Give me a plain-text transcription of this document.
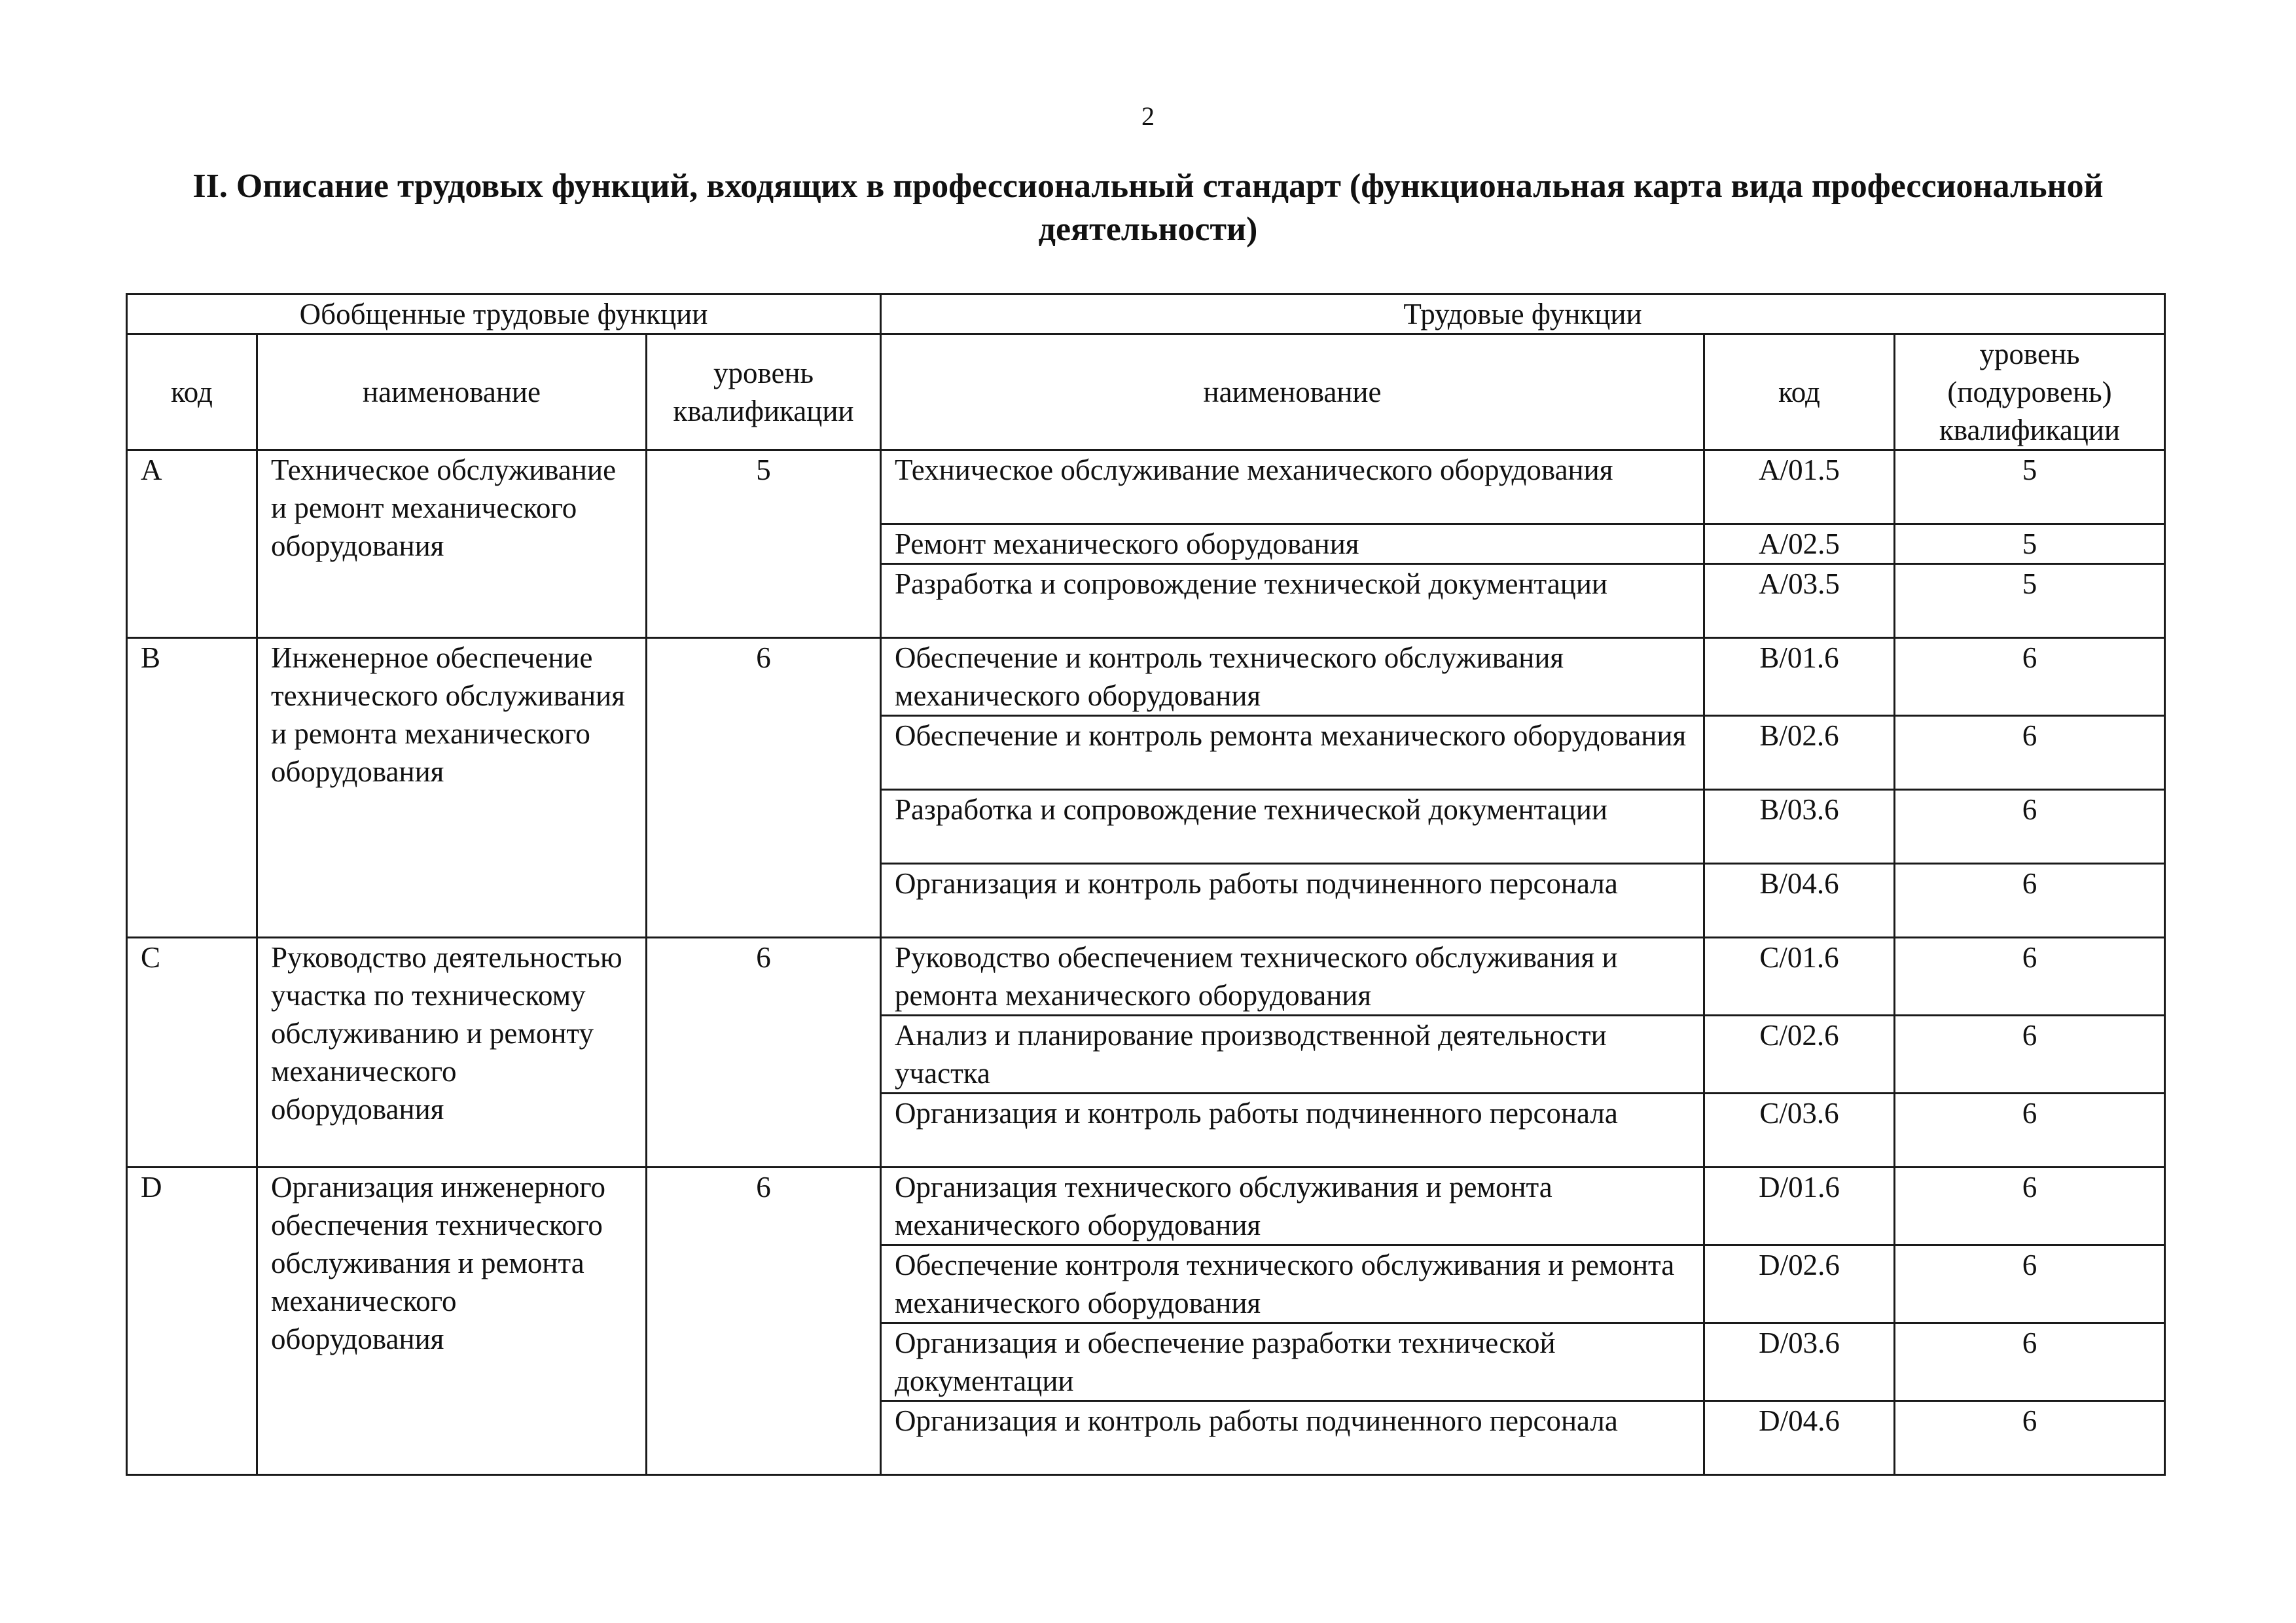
2
II. Описание трудовых функций, входящих в профессиональный стандарт (функциональная карта вида профессиональной деятельности)
Обобщенные трудовые функции			Трудовые функции		
код	наименование	уровень квалификации	наименование	код	уровень (подуровень) квалификации
A	Техническое обслуживание и ремонт механического оборудования	5	Техническое обслуживание механического оборудования	A/01.5	5
			Ремонт механического оборудования	A/02.5	5
			Разработка и сопровождение технической документации	A/03.5	5
B	Инженерное обеспечение технического обслуживания и ремонта механического оборудования	6	Обеспечение и контроль технического обслуживания механического оборудования	B/01.6	6
			Обеспечение и контроль ремонта механического оборудования	B/02.6	6
			Разработка и сопровождение технической документации	B/03.6	6
			Организация и контроль работы подчиненного персонала	B/04.6	6
C	Руководство деятельностью участка по техническому обслуживанию и ремонту механического оборудования	6	Руководство обеспечением технического обслуживания и ремонта механического оборудования	C/01.6	6
			Анализ и планирование производственной деятельности участка	C/02.6	6
			Организация и контроль работы подчиненного персонала	C/03.6	6
D	Организация инженерного обеспечения технического обслуживания и ремонта механического оборудования	6	Организация технического обслуживания и ремонта механического оборудования	D/01.6	6
			Обеспечение контроля технического обслуживания и ремонта механического оборудования	D/02.6	6
			Организация и обеспечение разработки технической документации	D/03.6	6
			Организация и контроль работы подчиненного персонала	D/04.6	6
